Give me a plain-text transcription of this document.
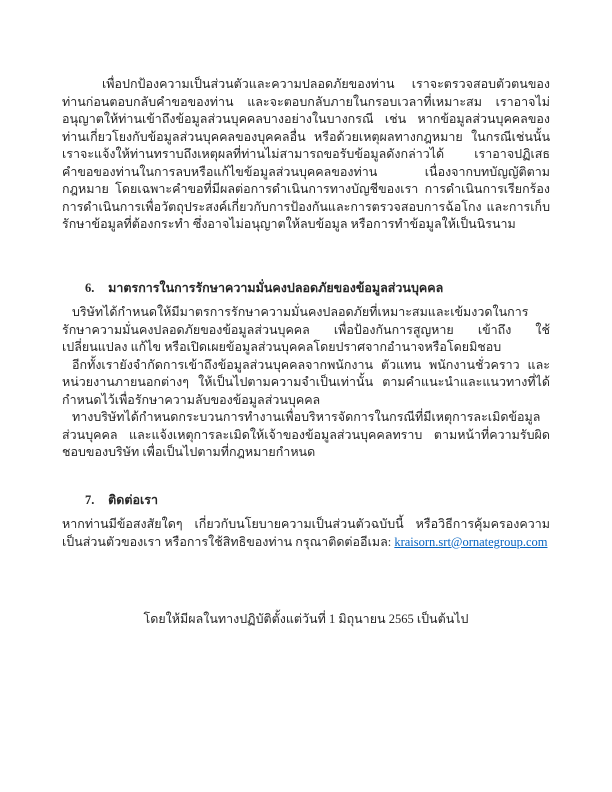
เพื่อปกป้องความเป็นส่วนตัวและความปลอดภัยของท่าน เราจะตรวจสอบตัวตนของท่านก่อนตอบกลับคำขอของท่าน และจะตอบกลับภายในกรอบเวลาที่เหมาะสม เราอาจไม่อนุญาตให้ท่านเข้าถึงข้อมูลส่วนบุคคลบางอย่างในบางกรณี เช่น หากข้อมูลส่วนบุคคลของท่านเกี่ยวโยงกับข้อมูลส่วนบุคคลของบุคคลอื่น หรือด้วยเหตุผลทางกฎหมาย ในกรณีเช่นนั้น เราจะแจ้งให้ท่านทราบถึงเหตุผลที่ท่านไม่สามารถขอรับข้อมูลดังกล่าวได้ เราอาจปฏิเสธคำขอของท่านในการลบหรือแก้ไขข้อมูลส่วนบุคคลของท่าน เนื่องจากบทบัญญัติตามกฎหมาย โดยเฉพาะคำขอที่มีผลต่อการดำเนินการทางบัญชีของเรา การดำเนินการเรียกร้อง การดำเนินการเพื่อวัตถุประสงค์เกี่ยวกับการป้องกันและการตรวจสอบการฉ้อโกง และการเก็บรักษาข้อมูลที่ต้องกระทำ ซึ่งอาจไม่อนุญาตให้ลบข้อมูล หรือการทำข้อมูลให้เป็นนิรนาม

6. มาตรการในการรักษาความมั่นคงปลอดภัยของข้อมูลส่วนบุคคล

บริษัทได้กำหนดให้มีมาตรการรักษาความมั่นคงปลอดภัยที่เหมาะสมและเข้มงวดในการรักษาความมั่นคงปลอดภัยของข้อมูลส่วนบุคคล เพื่อป้องกันการสูญหาย เข้าถึง ใช้ เปลี่ยนแปลง แก้ไข หรือเปิดเผยข้อมูลส่วนบุคคลโดยปราศจากอำนาจหรือโดยมิชอบ

อีกทั้งเรายังจำกัดการเข้าถึงข้อมูลส่วนบุคคลจากพนักงาน ตัวแทน พนักงานชั่วคราว และหน่วยงานภายนอกต่างๆ ให้เป็นไปตามความจำเป็นเท่านั้น ตามคำแนะนำและแนวทางที่ได้กำหนดไว้เพื่อรักษาความลับของข้อมูลส่วนบุคคล

ทางบริษัทได้กำหนดกระบวนการทำงานเพื่อบริหารจัดการในกรณีที่มีเหตุการละเมิดข้อมูลส่วนบุคคล และแจ้งเหตุการละเมิดให้เจ้าของข้อมูลส่วนบุคคลทราบ ตามหน้าที่ความรับผิดชอบของบริษัท เพื่อเป็นไปตามที่กฎหมายกำหนด

7. ติดต่อเรา

หากท่านมีข้อสงสัยใดๆ เกี่ยวกับนโยบายความเป็นส่วนตัวฉบับนี้ หรือวิธีการคุ้มครองความเป็นส่วนตัวของเรา หรือการใช้สิทธิของท่าน กรุณาติดต่ออีเมล: kraisorn.srt@ornategroup.com

โดยให้มีผลในทางปฏิบัติตั้งแต่วันที่ 1 มิถุนายน 2565 เป็นต้นไป
